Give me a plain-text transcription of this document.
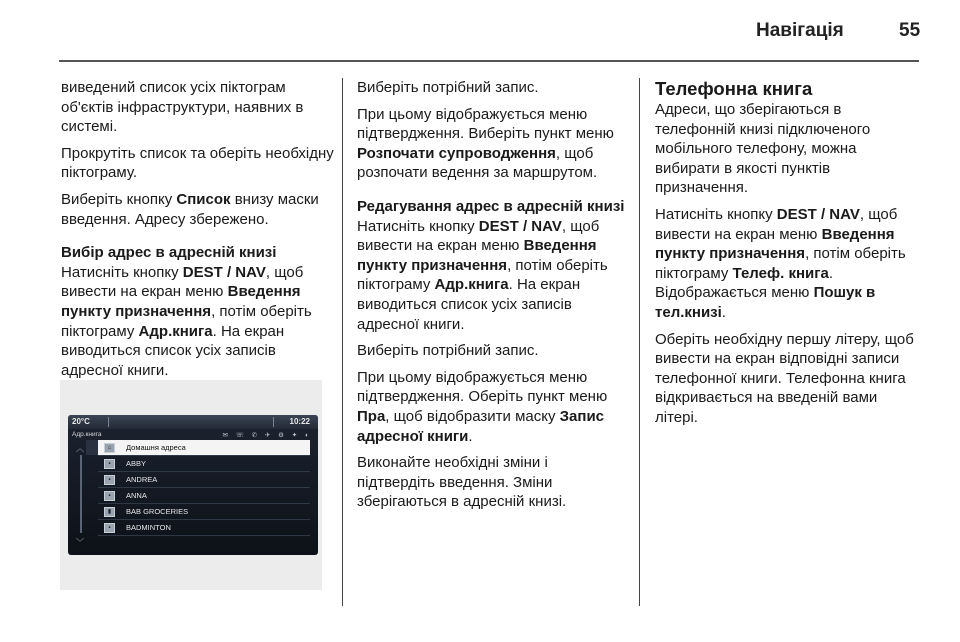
Навігація	55

виведений список усіх піктограм об'єктів інфраструктури, наявних в системі.

Прокрутіть список та оберіть необхідну піктограму.

Виберіть кнопку Список внизу маски введення. Адресу збережено.

Вибір адрес в адресній книзі
Натисніть кнопку DEST / NAV, щоб вивести на екран меню Введення пункту призначення, потім оберіть піктограму Адр.книга. На екран виводиться список усіх записів адресної книги.

20°C	10:22
Адр.книга	✉ ☏ ✆ ✈ ⚙ ✦ ◐
︿
﹀
⌂	Домашня адреса
▪	ABBY
▪	ANDREA
▪	ANNA
▮	BAB GROCERIES
▪	BADMINTON

Виберіть потрібний запис.

При цьому відображується меню підтвердження. Виберіть пункт меню Розпочати супроводження, щоб розпочати ведення за маршрутом.

Редагування адрес в адресній книзі
Натисніть кнопку DEST / NAV, щоб вивести на екран меню Введення пункту призначення, потім оберіть піктограму Адр.книга. На екран виводиться список усіх записів адресної книги.

Виберіть потрібний запис.

При цьому відображується меню підтвердження. Оберіть пункт меню Пра, щоб відобразити маску Запис адресної книги.

Виконайте необхідні зміни і підтвердіть введення. Зміни зберігаються в адресній книзі.

Телефонна книга
Адреси, що зберігаються в телефонній книзі підключеного мобільного телефону, можна вибирати в якості пунктів призначення.

Натисніть кнопку DEST / NAV, щоб вивести на екран меню Введення пункту призначення, потім оберіть піктограму Телеф. книга. Відображається меню Пошук в тел.книзі.

Оберіть необхідну першу літеру, щоб вивести на екран відповідні записи телефонної книги. Телефонна книга відкривається на введеній вами літері.
